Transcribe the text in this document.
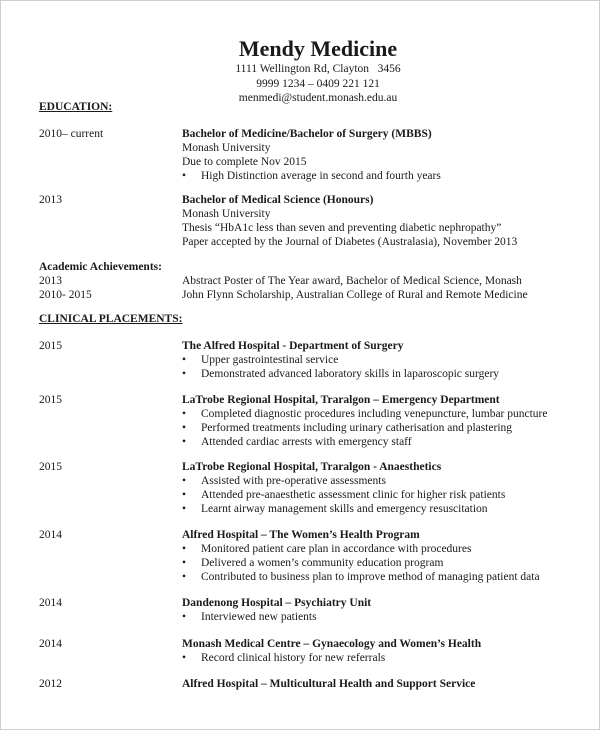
Mendy Medicine
1111 Wellington Rd, Clayton   3456
9999 1234 – 0409 221 121
menmedi@student.monash.edu.au
EDUCATION:
2010– current	Bachelor of Medicine/Bachelor of Surgery (MBBS)
Monash University
Due to complete Nov 2015
• High Distinction average in second and fourth years
2013	Bachelor of Medical Science (Honours)
Monash University
Thesis “HbA1c less than seven and preventing diabetic nephropathy”
Paper accepted by the Journal of Diabetes (Australasia), November 2013
Academic Achievements:
2013	Abstract Poster of The Year award, Bachelor of Medical Science, Monash
2010- 2015	John Flynn Scholarship, Australian College of Rural and Remote Medicine
CLINICAL PLACEMENTS:
2015	The Alfred Hospital - Department of Surgery
• Upper gastrointestinal service
• Demonstrated advanced laboratory skills in laparoscopic surgery
2015	LaTrobe Regional Hospital, Traralgon – Emergency Department
• Completed diagnostic procedures including venepuncture, lumbar puncture
• Performed treatments including urinary catherisation and plastering
• Attended cardiac arrests with emergency staff
2015	LaTrobe Regional Hospital, Traralgon - Anaesthetics
• Assisted with pre-operative assessments
• Attended pre-anaesthetic assessment clinic for higher risk patients
• Learnt airway management skills and emergency resuscitation
2014	Alfred Hospital – The Women’s Health Program
• Monitored patient care plan in accordance with procedures
• Delivered a women’s community education program
• Contributed to business plan to improve method of managing patient data
2014	Dandenong Hospital – Psychiatry Unit
• Interviewed new patients
2014	Monash Medical Centre – Gynaecology and Women’s Health
• Record clinical history for new referrals
2012	Alfred Hospital – Multicultural Health and Support Service
